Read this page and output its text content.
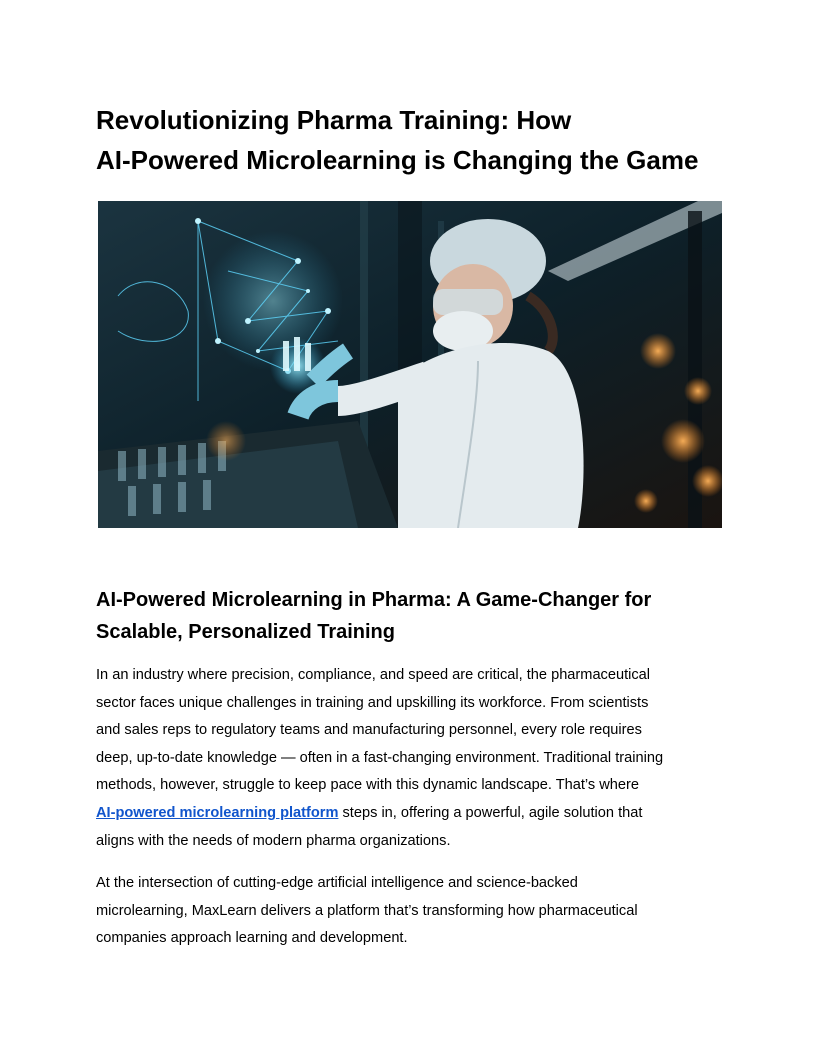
Revolutionizing Pharma Training: How
AI-Powered Microlearning is Changing the Game
AI-Powered Microlearning in Pharma: A Game-Changer for
Scalable, Personalized Training

In an industry where precision, compliance, and speed are critical, the pharmaceutical
sector faces unique challenges in training and upskilling its workforce. From scientists
and sales reps to regulatory teams and manufacturing personnel, every role requires
deep, up-to-date knowledge — often in a fast-changing environment. Traditional training
methods, however, struggle to keep pace with this dynamic landscape. That’s where
AI-powered microlearning platform steps in, offering a powerful, agile solution that
aligns with the needs of modern pharma organizations.

At the intersection of cutting-edge artificial intelligence and science-backed
microlearning, MaxLearn delivers a platform that’s transforming how pharmaceutical
companies approach learning and development.
